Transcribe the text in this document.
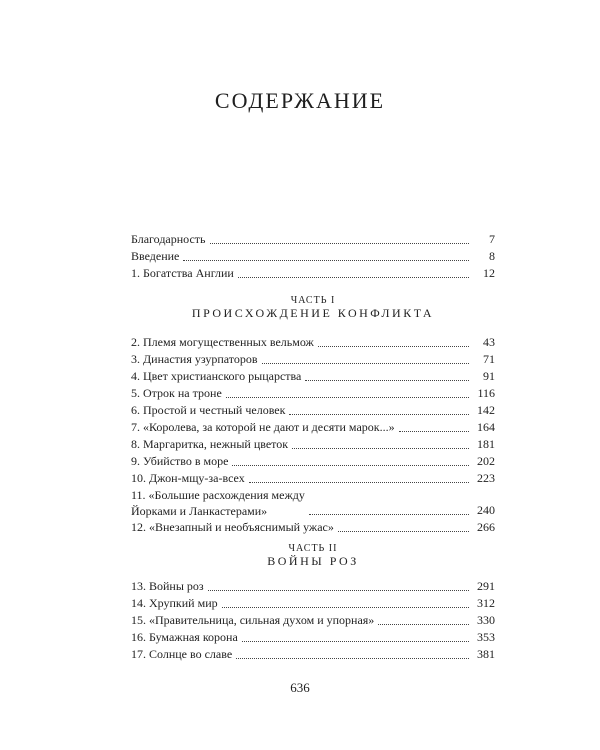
СОДЕРЖАНИЕ
Благодарность	7
Введение	8
1. Богатства Англии	12
ЧАСТЬ I
ПРОИСХОЖДЕНИЕ КОНФЛИКТА
2. Племя могущественных вельмож	43
3. Династия узурпаторов	71
4. Цвет христианского рыцарства	91
5. Отрок на троне	116
6. Простой и честный человек	142
7. «Королева, за которой не дают и десяти марок...»	164
8. Маргаритка, нежный цветок	181
9. Убийство в море	202
10. Джон-мщу-за-всех	223
11. «Большие расхождения между
Йорками и Ланкастерами»	240
12. «Внезапный и необъяснимый ужас»	266
ЧАСТЬ II
ВОЙНЫ РОЗ
13. Войны роз	291
14. Хрупкий мир	312
15. «Правительница, сильная духом и упорная»	330
16. Бумажная корона	353
17. Солнце во славе	381
636
